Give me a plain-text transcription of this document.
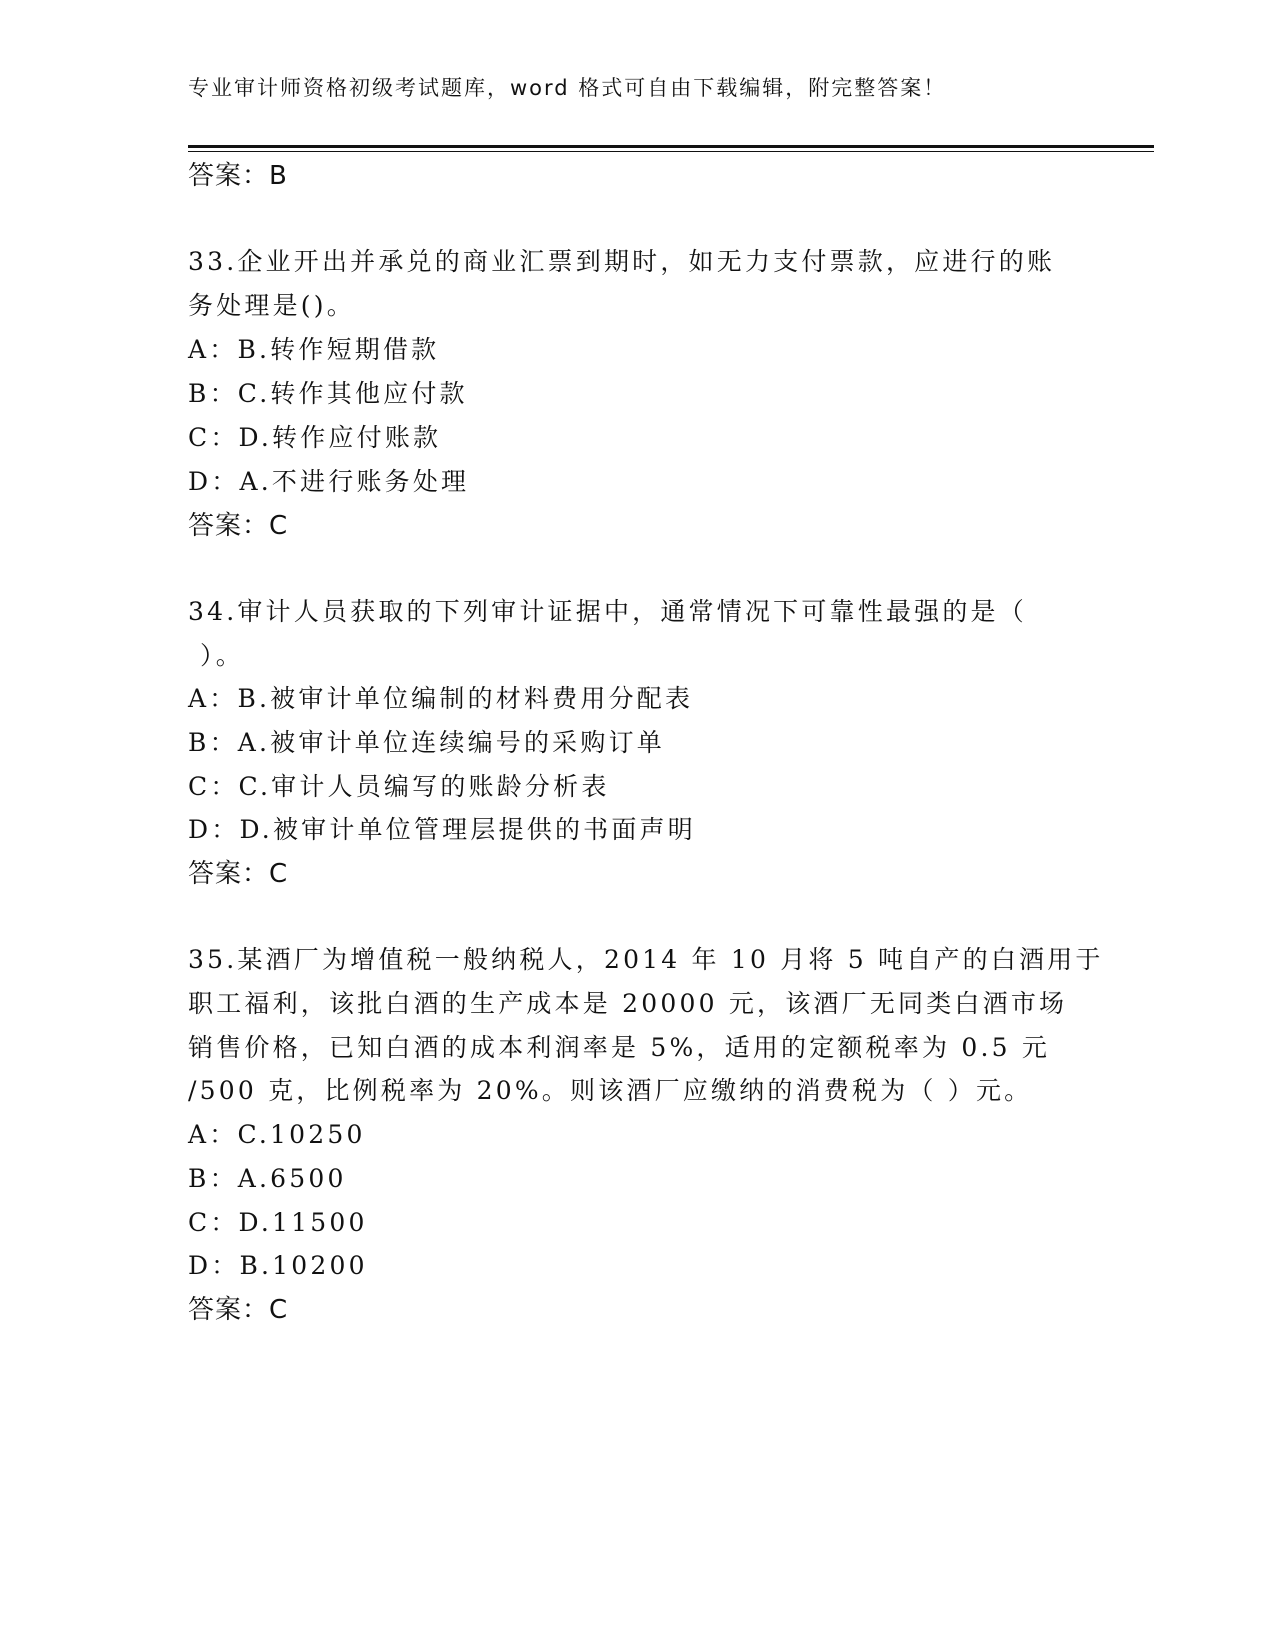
专业审计师资格初级考试题库，word 格式可自由下载编辑，附完整答案！
答案：B
33.企业开出并承兑的商业汇票到期时，如无力支付票款，应进行的账
务处理是()。
A：B.转作短期借款
B：C.转作其他应付款
C：D.转作应付账款
D：A.不进行账务处理
答案：C
34.审计人员获取的下列审计证据中，通常情况下可靠性最强的是（
）。
A：B.被审计单位编制的材料费用分配表
B：A.被审计单位连续编号的采购订单
C：C.审计人员编写的账龄分析表
D：D.被审计单位管理层提供的书面声明
答案：C
35.某酒厂为增值税一般纳税人，2014 年 10 月将 5 吨自产的白酒用于
职工福利，该批白酒的生产成本是 20000 元，该酒厂无同类白酒市场
销售价格，已知白酒的成本利润率是 5%，适用的定额税率为 0.5 元
/500 克，比例税率为 20%。则该酒厂应缴纳的消费税为（ ）元。
A：C.10250
B：A.6500
C：D.11500
D：B.10200
答案：C
